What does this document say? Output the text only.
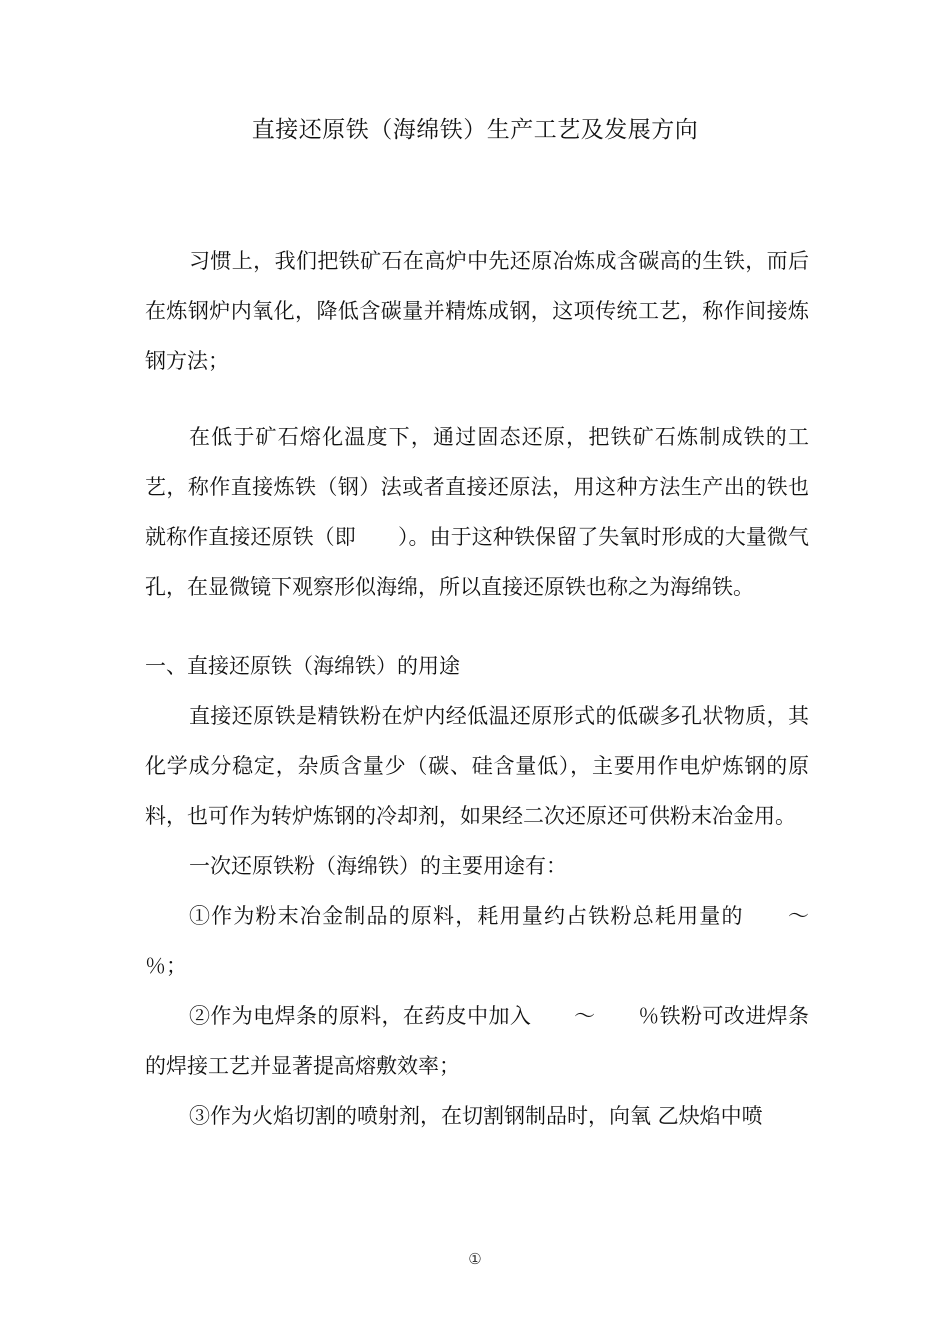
直接还原铁（海绵铁）生产工艺及发展方向

习惯上，我们把铁矿石在高炉中先还原冶炼成含碳高的生铁，而后在炼钢炉内氧化，降低含碳量并精炼成钢，这项传统工艺，称作间接炼钢方法；

在低于矿石熔化温度下，通过固态还原，把铁矿石炼制成铁的工艺，称作直接炼铁（钢）法或者直接还原法，用这种方法生产出的铁也就称作直接还原铁（即　　）。由于这种铁保留了失氧时形成的大量微气孔，在显微镜下观察形似海绵，所以直接还原铁也称之为海绵铁。

一、直接还原铁（海绵铁）的用途

直接还原铁是精铁粉在炉内经低温还原形式的低碳多孔状物质，其化学成分稳定，杂质含量少（碳、硅含量低），主要用作电炉炼钢的原料，也可作为转炉炼钢的冷却剂，如果经二次还原还可供粉末冶金用。

一次还原铁粉（海绵铁）的主要用途有：

①作为粉末冶金制品的原料，耗用量约占铁粉总耗用量的　　～　　％；

②作为电焊条的原料，在药皮中加入　　～　　％铁粉可改进焊条的焊接工艺并显著提高熔敷效率；

③作为火焰切割的喷射剂，在切割钢制品时，向氧 乙炔焰中喷

①
